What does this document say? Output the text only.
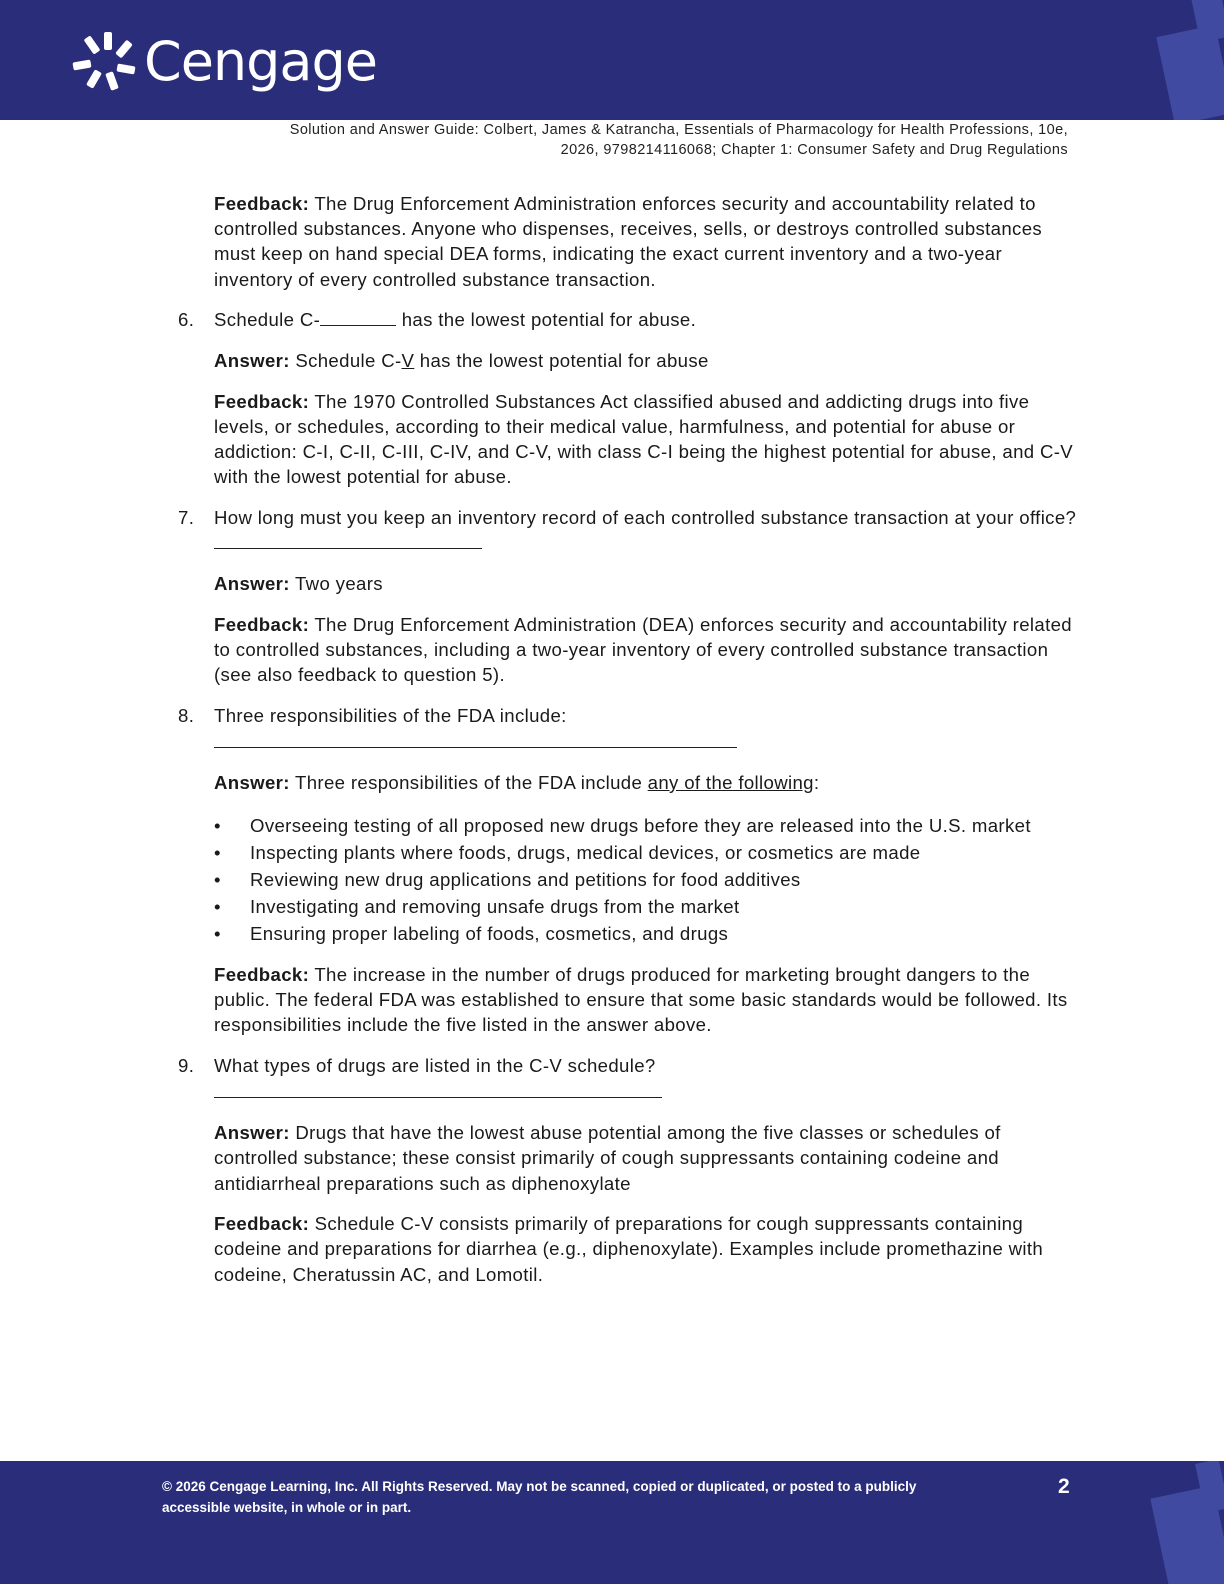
Cengage
Solution and Answer Guide: Colbert, James & Katrancha, Essentials of Pharmacology for Health Professions, 10e,
2026, 9798214116068; Chapter 1: Consumer Safety and Drug Regulations
Feedback: The Drug Enforcement Administration enforces security and accountability related to controlled substances. Anyone who dispenses, receives, sells, or destroys controlled substances must keep on hand special DEA forms, indicating the exact current inventory and a two-year inventory of every controlled substance transaction.
6.	Schedule C-	has the lowest potential for abuse.
Answer: Schedule C-V has the lowest potential for abuse
Feedback: The 1970 Controlled Substances Act classified abused and addicting drugs into five levels, or schedules, according to their medical value, harmfulness, and potential for abuse or addiction: C-I, C-II, C-III, C-IV, and C-V, with class C-I being the highest potential for abuse, and C-V with the lowest potential for abuse.
7.	How long must you keep an inventory record of each controlled substance transaction at your office?
Answer: Two years
Feedback: The Drug Enforcement Administration (DEA) enforces security and accountability related to controlled substances, including a two-year inventory of every controlled substance transaction (see also feedback to question 5).
8.	Three responsibilities of the FDA include:
Answer: Three responsibilities of the FDA include any of the following:
• Overseeing testing of all proposed new drugs before they are released into the U.S. market
• Inspecting plants where foods, drugs, medical devices, or cosmetics are made
• Reviewing new drug applications and petitions for food additives
• Investigating and removing unsafe drugs from the market
• Ensuring proper labeling of foods, cosmetics, and drugs
Feedback: The increase in the number of drugs produced for marketing brought dangers to the public. The federal FDA was established to ensure that some basic standards would be followed. Its responsibilities include the five listed in the answer above.
9.	What types of drugs are listed in the C-V schedule?
Answer: Drugs that have the lowest abuse potential among the five classes or schedules of controlled substance; these consist primarily of cough suppressants containing codeine and antidiarrheal preparations such as diphenoxylate
Feedback: Schedule C-V consists primarily of preparations for cough suppressants containing codeine and preparations for diarrhea (e.g., diphenoxylate). Examples include promethazine with codeine, Cheratussin AC, and Lomotil.
© 2026 Cengage Learning, Inc. All Rights Reserved. May not be scanned, copied or duplicated, or posted to a publicly accessible website, in whole or in part.
2
